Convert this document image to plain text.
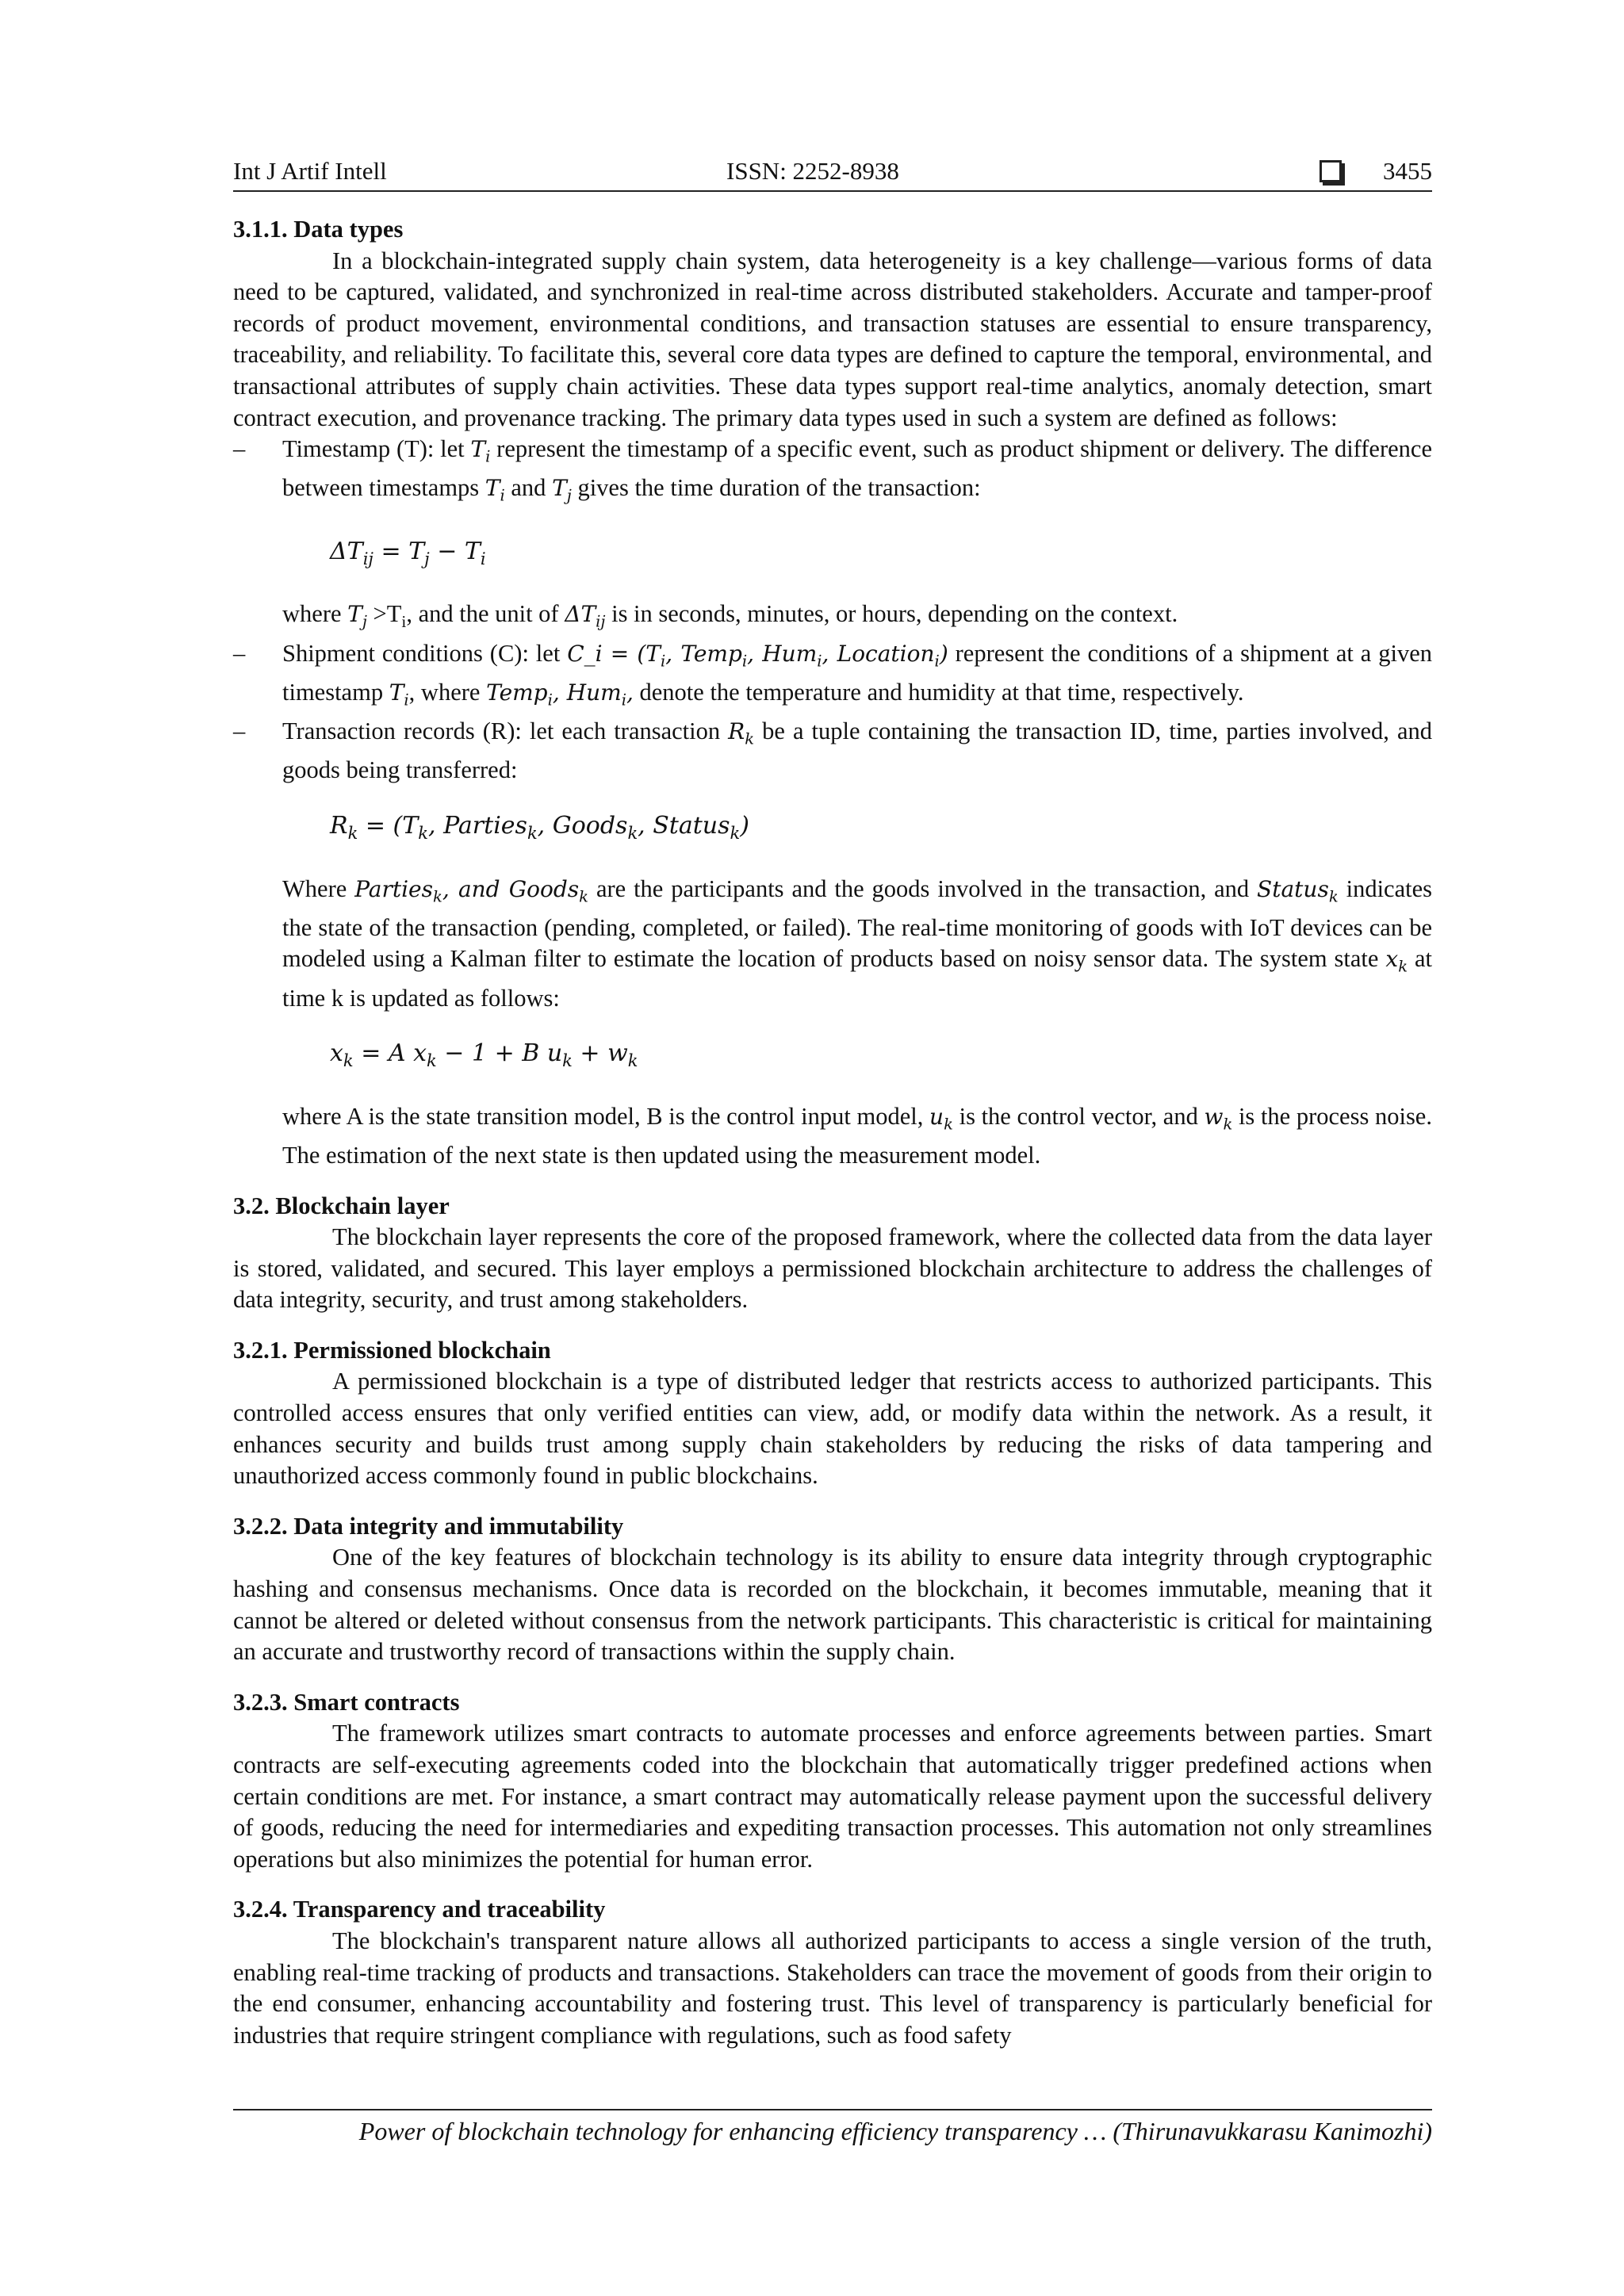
Int J Artif Intell	ISSN: 2252-8938	3455
3.1.1. Data types

In a blockchain-integrated supply chain system, data heterogeneity is a key challenge—various forms of data need to be captured, validated, and synchronized in real-time across distributed stakeholders. Accurate and tamper-proof records of product movement, environmental conditions, and transaction statuses are essential to ensure transparency, traceability, and reliability. To facilitate this, several core data types are defined to capture the temporal, environmental, and transactional attributes of supply chain activities. These data types support real-time analytics, anomaly detection, smart contract execution, and provenance tracking. The primary data types used in such a system are defined as follows:

– Timestamp (T): let $T_i$ represent the timestamp of a specific event, such as product shipment or delivery. The difference between timestamps $T_i$ and $T_j$ gives the time duration of the transaction:
$\Delta T_{ij} = T_j - T_i$

where $T_j >T_i$, and the unit of $\Delta T_{ij}$ is in seconds, minutes, or hours, depending on the context.

– Shipment conditions (C): let C_i = ($T_i$, Temp$_i$, Hum$_i$, Location$_i$) represent the conditions of a shipment at a given timestamp $T_i$, where Temp$_i$, Hum$_i$, denote the temperature and humidity at that time, respectively.
– Transaction records (R): let each transaction $R_k$ be a tuple containing the transaction ID, time, parties involved, and goods being transferred:
$R_k = (T_k$, Parties$_k$, Goods$_k$, Status$_k$)

Where Parties$_k$, and Goods$_k$ are the participants and the goods involved in the transaction, and Status$_k$ indicates the state of the transaction (pending, completed, or failed). The real-time monitoring of goods with IoT devices can be modeled using a Kalman filter to estimate the location of products based on noisy sensor data. The system state $x_k$ at time k is updated as follows:

$x_k = A$ $x_k - 1 + B$ $u_k + w_k$

where A is the state transition model, B is the control input model, $u_k$ is the control vector, and $w_k$ is the process noise. The estimation of the next state is then updated using the measurement model.

3.2. Blockchain layer

The blockchain layer represents the core of the proposed framework, where the collected data from the data layer is stored, validated, and secured. This layer employs a permissioned blockchain architecture to address the challenges of data integrity, security, and trust among stakeholders.

3.2.1. Permissioned blockchain

A permissioned blockchain is a type of distributed ledger that restricts access to authorized participants. This controlled access ensures that only verified entities can view, add, or modify data within the network. As a result, it enhances security and builds trust among supply chain stakeholders by reducing the risks of data tampering and unauthorized access commonly found in public blockchains.

3.2.2. Data integrity and immutability

One of the key features of blockchain technology is its ability to ensure data integrity through cryptographic hashing and consensus mechanisms. Once data is recorded on the blockchain, it becomes immutable, meaning that it cannot be altered or deleted without consensus from the network participants. This characteristic is critical for maintaining an accurate and trustworthy record of transactions within the supply chain.

3.2.3. Smart contracts

The framework utilizes smart contracts to automate processes and enforce agreements between parties. Smart contracts are self-executing agreements coded into the blockchain that automatically trigger predefined actions when certain conditions are met. For instance, a smart contract may automatically release payment upon the successful delivery of goods, reducing the need for intermediaries and expediting transaction processes. This automation not only streamlines operations but also minimizes the potential for human error.

3.2.4. Transparency and traceability

The blockchain's transparent nature allows all authorized participants to access a single version of the truth, enabling real-time tracking of products and transactions. Stakeholders can trace the movement of goods from their origin to the end consumer, enhancing accountability and fostering trust. This level of transparency is particularly beneficial for industries that require stringent compliance with regulations, such as food safety

Power of blockchain technology for enhancing efficiency transparency … (Thirunavukkarasu Kanimozhi)
